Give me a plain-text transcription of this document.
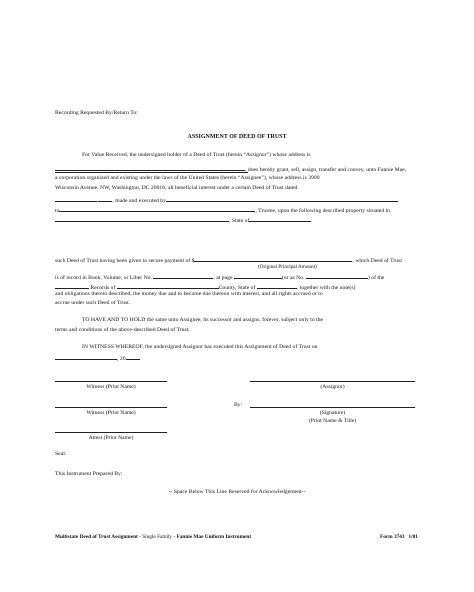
Recording Requested By/Return To:
ASSIGNMENT OF DEED OF TRUST
For Value Received, the undersigned holder of a Deed of Trust (herein “Assignor”) whose address is
, does hereby grant, sell, assign, transfer and convey, unto Fannie Mae,
a corporation organized and existing under the laws of the United States (herein “Assignee”), whose address is 3900
Wisconsin Avenue, NW, Washington, DC 20016, all beneficial interest under a certain Deed of Trust dated
, , made and executed by
to	, Trustee, upon the following described property situated in
, State of
such Deed of Trust having been given to secure payment of $	, which Deed of Trust
(Original Principal Amount)
is of record in Book, Volume, or Liber No.	, at page	(or as No.	) of the
Records of	County, State of	, together with the note(s)
and obligations therein described, the money due and to become due thereon with interest, and all rights accrued or to
accrue under such Deed of Trust.
TO HAVE AND TO HOLD the same unto Assignee, its successor and assigns, forever, subject only to the
terms and conditions of the above-described Deed of Trust.
IN WITNESS WHEREOF, the undersigned Assignor has executed this Assignment of Deed of Trust on
, 20
Witness (Print Name)	(Assignor)
By:
Witness (Print Name)	(Signature)
(Print Name & Title)
Attest (Print Name)
Seal:
This Instrument Prepared By:
-- Space Below This Line Reserved for Acknowledgement--
Multistate Deed of Trust Assignment - Single Family - Fannie Mae Uniform Instrument	Form 3743   1/01
